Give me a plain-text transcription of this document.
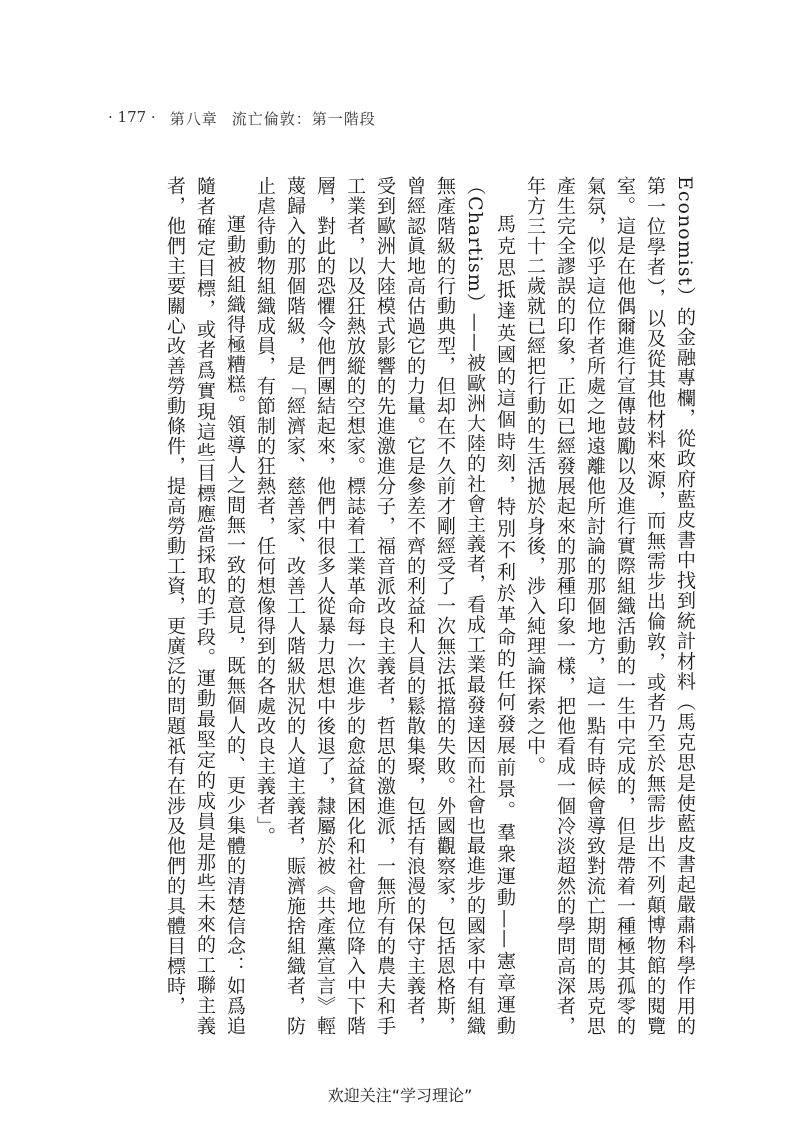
· 177 · 第八章 流亡倫敦：第一階段

Economist）的金融專欄，從政府藍皮書中找到統計材料（馬克思是使藍皮書起嚴肅科學作用的第一位學者），以及從其他材料來源，而無需步出倫敦，或者乃至於無需步出不列顛博物館的閱覽室。這是在他偶爾進行宣傳鼓勵以及進行實際組織活動的一生中完成的，但是帶着一種極其孤零的氣氛，似乎這位作者所處之地遠離他所討論的那個地方，這一點有時候會導致對流亡期間的馬克思產生完全謬誤的印象，正如已經發展起來的那種印象一樣，把他看成一個冷淡超然的學問高深者，年方三十二歲就已經把行動的生活拋於身後，涉入純理論探索之中。

馬克思抵達英國的這個時刻，特別不利於革命的任何發展前景。羣衆運動——憲章運動（Chartism）——被歐洲大陸的社會主義者，看成工業最發達因而社會也最進步的國家中有組織無產階級的行動典型，但却在不久前才剛經受了一次無法抵擋的失敗。外國觀察家，包括恩格斯，曾經認眞地高估過它的力量。它是參差不齊的利益和人員的鬆散集聚，包括有浪漫的保守主義者，受到歐洲大陸模式影響的先進激進分子，福音派改良主義者，哲思的激進派，一無所有的農夫和手工業者，以及狂熱放縱的空想家。標誌着工業革命每一次進步的愈益貧困化和社會地位降入中下階層，對此的恐懼令他們團結起來，他們中很多人從暴力思想中後退了，隸屬於被《共產黨宣言》輕蔑歸入的那個階級，是「經濟家、慈善家、改善工人階級狀況的人道主義者，賑濟施捨組織者，防止虐待動物組織成員，有節制的狂熱者，任何想像得到的各處改良主義者」。

運動被組織得極糟糕。領導人之間無一致的意見，既無個人的、更少集體的清楚信念：如爲追隨者確定目標，或者爲實現這些目標應當採取的手段。運動最堅定的成員是那些未來的工聯主義者，他們主要關心改善勞動條件，提高勞動工資，更廣泛的問題祇有在涉及他們的具體目標時，

欢迎关注“学习理论”
